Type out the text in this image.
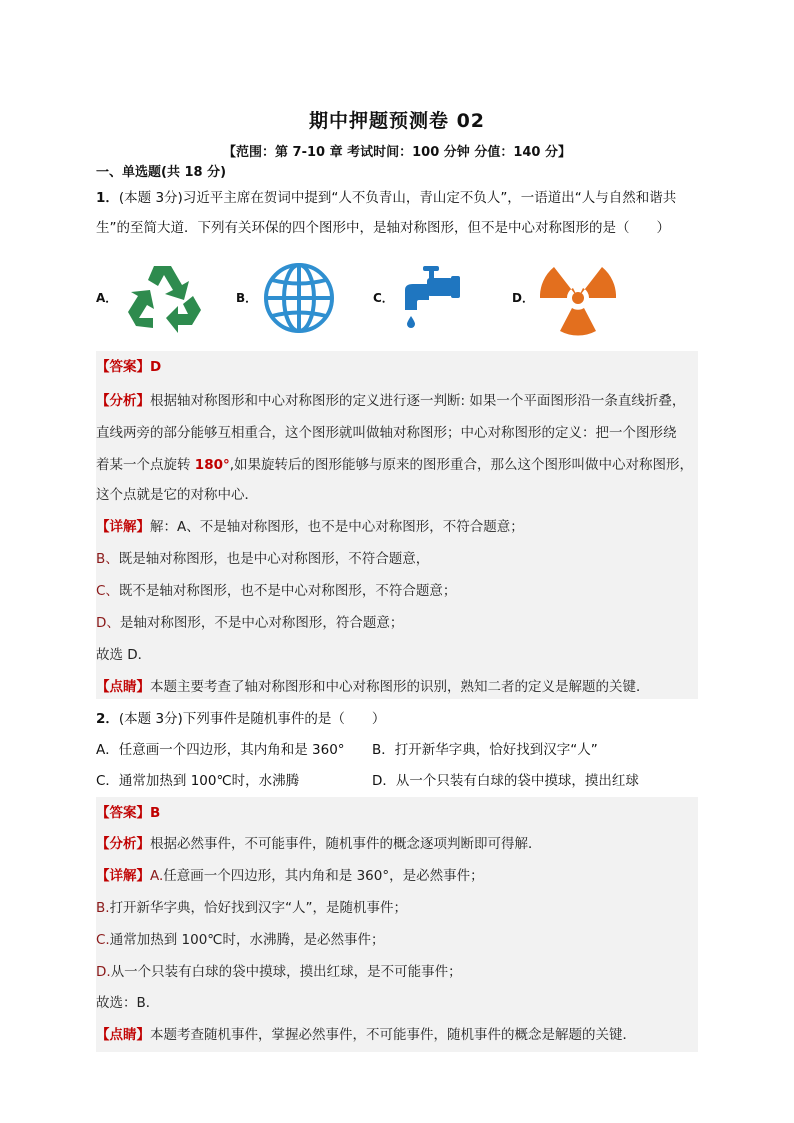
期中押题预测卷 02
【范围：第 7-10 章 考试时间：100 分钟 分值：140 分】
一、单选题(共 18 分)
1．(本题 3分)习近平主席在贺词中提到“人不负青山，青山定不负人”，一语道出“人与自然和谐共
生”的至简大道．下列有关环保的四个图形中，是轴对称图形，但不是中心对称图形的是（　　）
A．	B．	C．	D．
【答案】D
【分析】根据轴对称图形和中心对称图形的定义进行逐一判断: 如果一个平面图形沿一条直线折叠，
直线两旁的部分能够互相重合，这个图形就叫做轴对称图形；中心对称图形的定义：把一个图形绕
着某一个点旋转 180°,如果旋转后的图形能够与原来的图形重合，那么这个图形叫做中心对称图形，
这个点就是它的对称中心．
【详解】解：A、不是轴对称图形，也不是中心对称图形，不符合题意；
B、既是轴对称图形，也是中心对称图形，不符合题意，
C、既不是轴对称图形，也不是中心对称图形，不符合题意；
D、是轴对称图形，不是中心对称图形，符合题意；
故选 D．
【点睛】本题主要考查了轴对称图形和中心对称图形的识别，熟知二者的定义是解题的关键．
2．(本题 3分)下列事件是随机事件的是（　　）
A．任意画一个四边形，其内角和是 360° B．打开新华字典，恰好找到汉字“人”
C．通常加热到 100℃时，水沸腾	D．从一个只装有白球的袋中摸球，摸出红球
【答案】B
【分析】根据必然事件，不可能事件，随机事件的概念逐项判断即可得解．
【详解】A.任意画一个四边形，其内角和是 360°，是必然事件；
B.打开新华字典，恰好找到汉字“人”，是随机事件；
C.通常加热到 100℃时，水沸腾，是必然事件；
D.从一个只装有白球的袋中摸球，摸出红球，是不可能事件；
故选：B．
【点睛】本题考查随机事件，掌握必然事件，不可能事件，随机事件的概念是解题的关键．
